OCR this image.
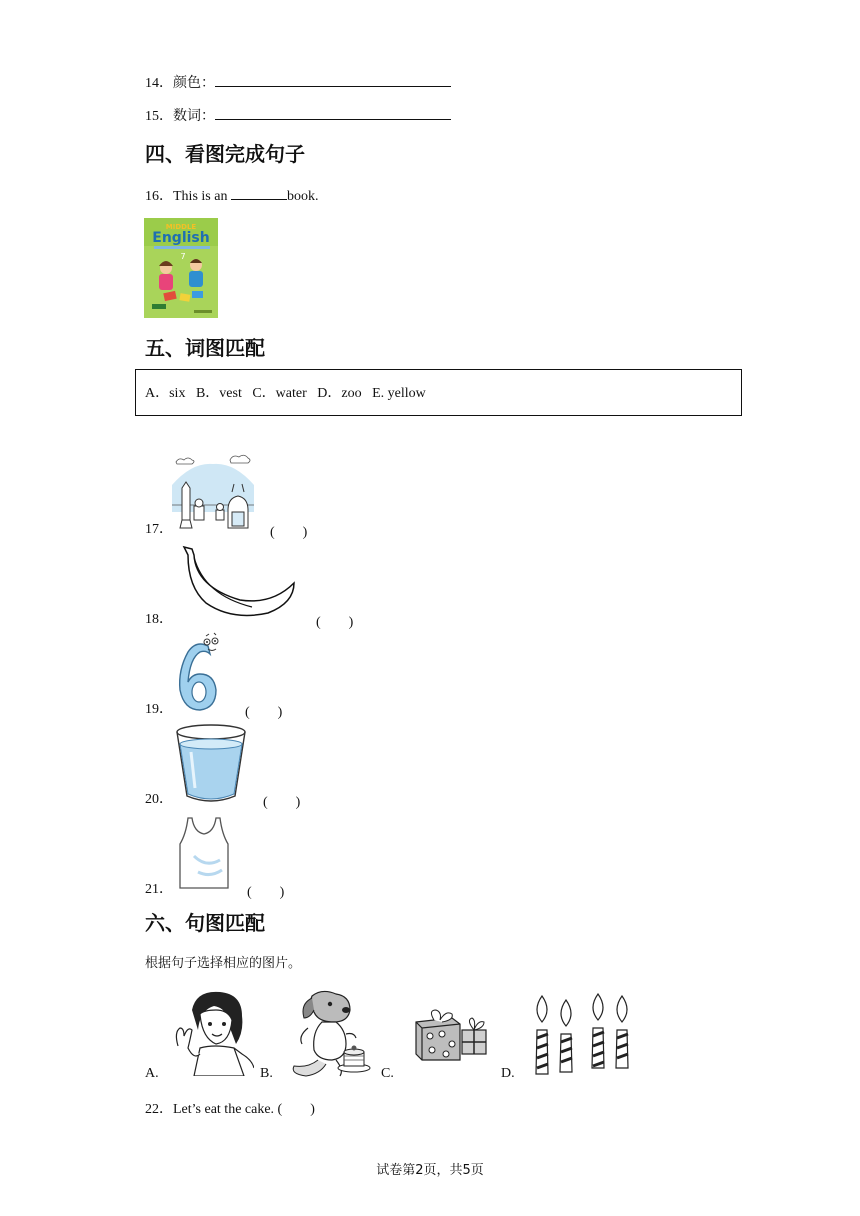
14．颜色：
15．数词：
四、看图完成句子
16．This is an	book.
MIDDLE
English
7
五、词图匹配
A．six B．vest C．water D．zoo E. yellow
17．	(　　)
18．	(　　)
19．	(　　)
20．	(　　)
21．	(　　)
六、句图匹配
根据句子选择相应的图片。
A.	B.	C.	D.
22．Let’s eat the cake. (　　)
试卷第2页，共5页
